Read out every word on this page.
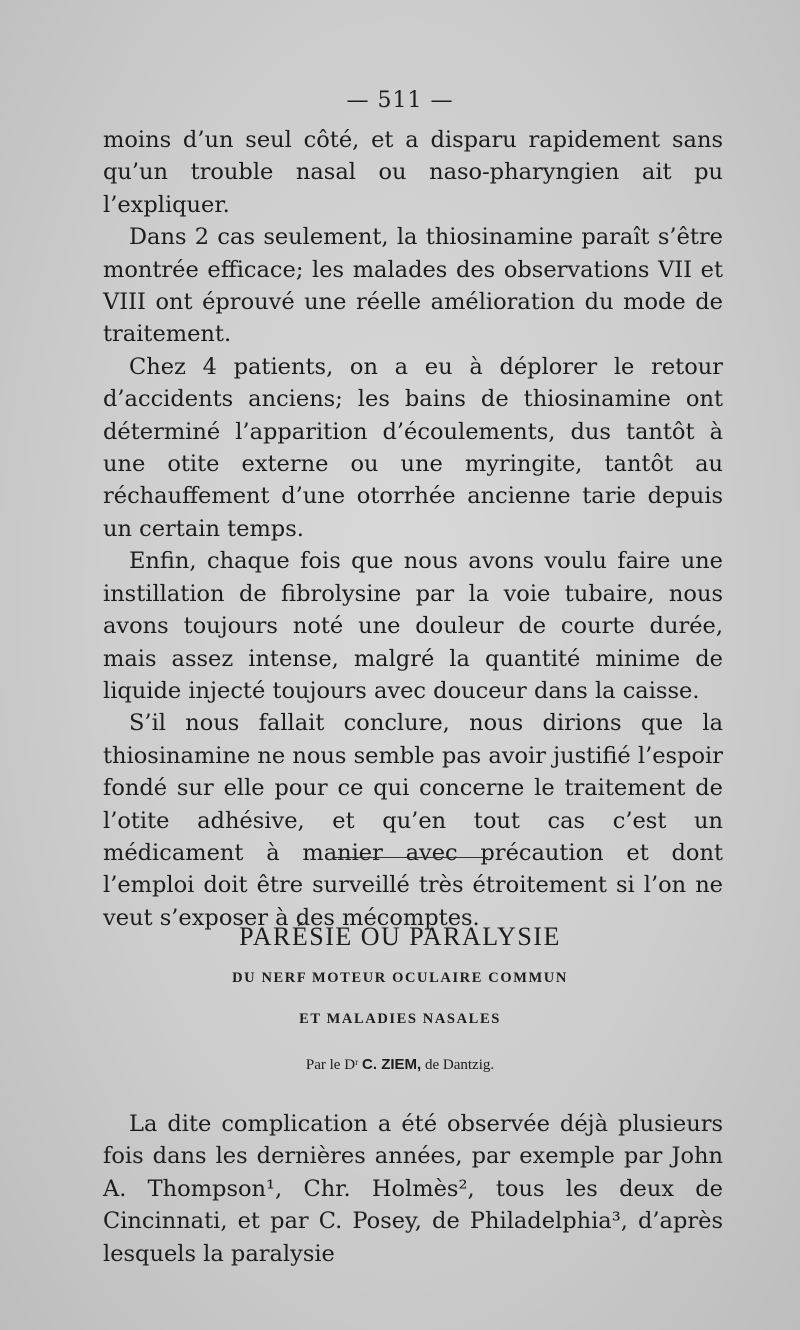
— 511 —

moins d’un seul côté, et a disparu rapidement sans qu’un trouble nasal ou naso-pharyngien ait pu l’expliquer.

Dans 2 cas seulement, la thiosinamine paraît s’être montrée efficace; les malades des observations VII et VIII ont éprouvé une réelle amélioration du mode de traitement.

Chez 4 patients, on a eu à déplorer le retour d’accidents anciens; les bains de thiosinamine ont déterminé l’apparition d’écoulements, dus tantôt à une otite externe ou une myringite, tantôt au réchauffement d’une otorrhée ancienne tarie depuis un certain temps.

Enfin, chaque fois que nous avons voulu faire une instillation de fibrolysine par la voie tubaire, nous avons toujours noté une douleur de courte durée, mais assez intense, malgré la quantité minime de liquide injecté toujours avec douceur dans la caisse.

S’il nous fallait conclure, nous dirions que la thiosinamine ne nous semble pas avoir justifié l’espoir fondé sur elle pour ce qui concerne le traitement de l’otite adhésive, et qu’en tout cas c’est un médicament à manier avec précaution et dont l’emploi doit être surveillé très étroitement si l’on ne veut s’exposer à des mécomptes.

PARÉSIE OU PARALYSIE
DU NERF MOTEUR OCULAIRE COMMUN
ET MALADIES NASALES
Par le Dʳ C. ZIEM, de Dantzig.

La dite complication a été observée déjà plusieurs fois dans les dernières années, par exemple par John A. Thompson¹, Chr. Holmès², tous les deux de Cincinnati, et par C. Posey, de Philadelphia³, d’après lesquels la paralysie
